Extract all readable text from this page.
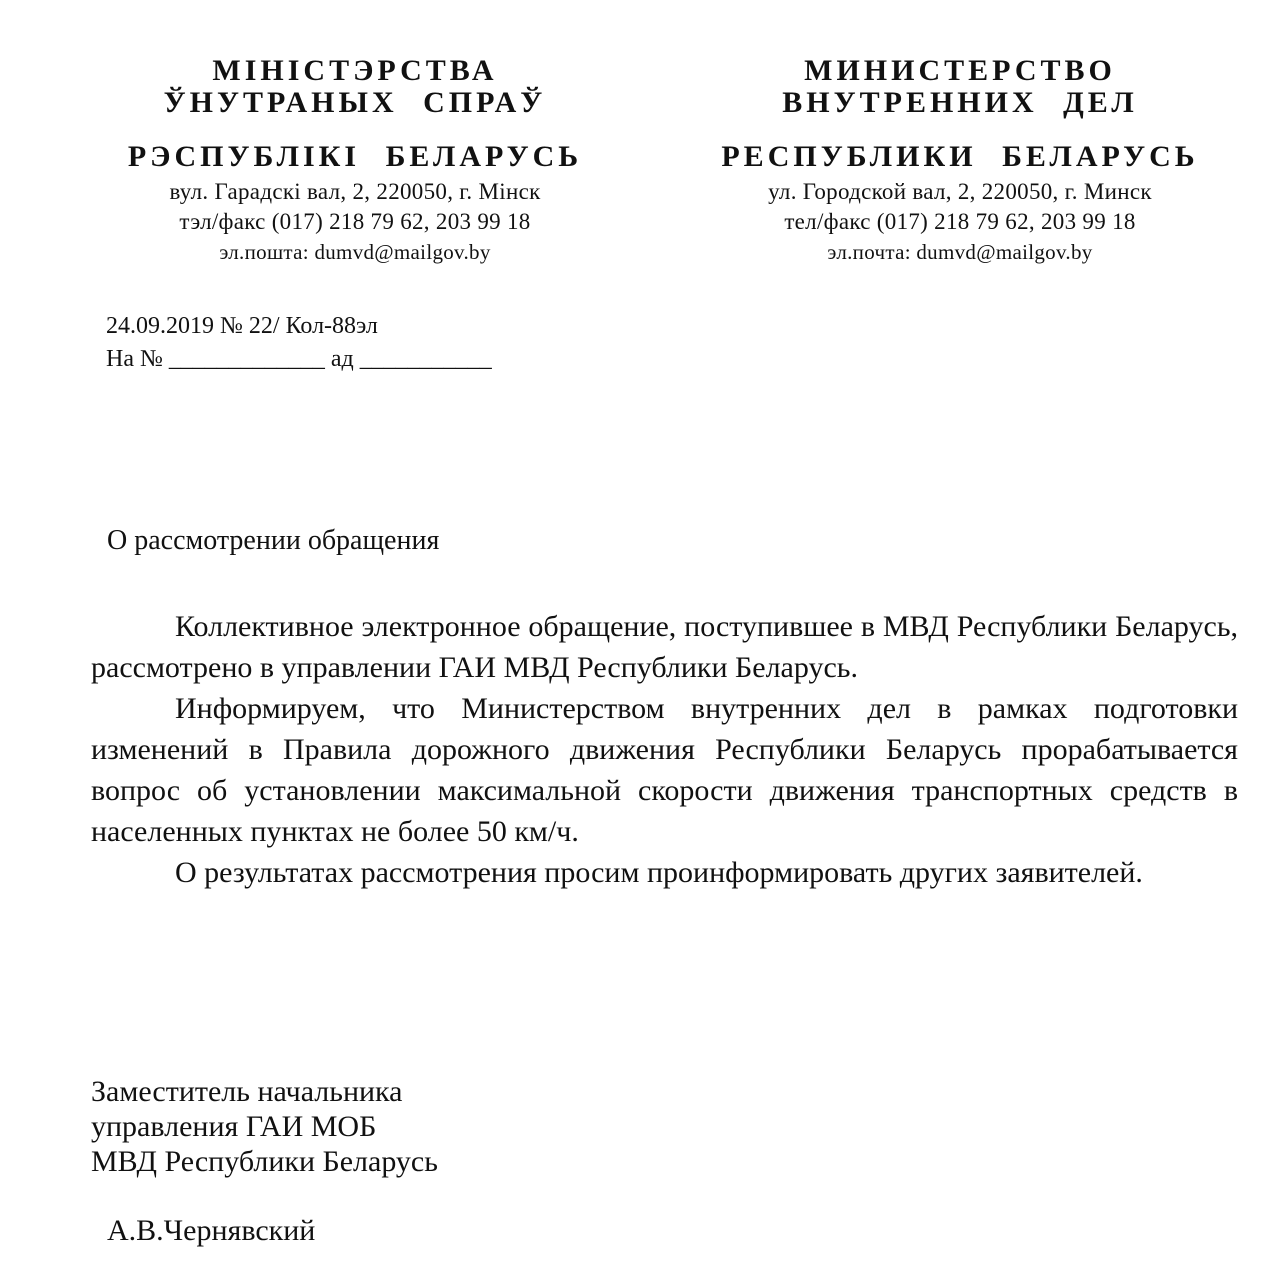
МІНІСТЭРСТВА
ЎНУТРАНЫХ СПРАЎ
РЭСПУБЛІКІ БЕЛАРУСЬ
вул. Гарадскі вал, 2, 220050, г. Мінск
тэл/факс (017) 218 79 62, 203 99 18
эл.пошта: dumvd@mailgov.by
МИНИСТЕРСТВО
ВНУТРЕННИХ ДЕЛ
РЕСПУБЛИКИ БЕЛАРУСЬ
ул. Городской вал, 2, 220050, г. Минск
тел/факс (017) 218 79 62, 203 99 18
эл.почта: dumvd@mailgov.by
24.09.2019 № 22/ Кол-88эл
На № _____________ ад ___________
О рассмотрении обращения

Коллективное электронное обращение, поступившее в МВД Республики Беларусь, рассмотрено в управлении ГАИ МВД Республики Беларусь.

Информируем, что Министерством внутренних дел в рамках подготовки изменений в Правила дорожного движения Республики Беларусь прорабатывается вопрос об установлении максимальной скорости движения транспортных средств в населенных пунктах не более 50 км/ч.

О результатах рассмотрения просим проинформировать других заявителей.

Заместитель начальника
управления ГАИ МОБ
МВД Республики Беларусь
А.В.Чернявский
